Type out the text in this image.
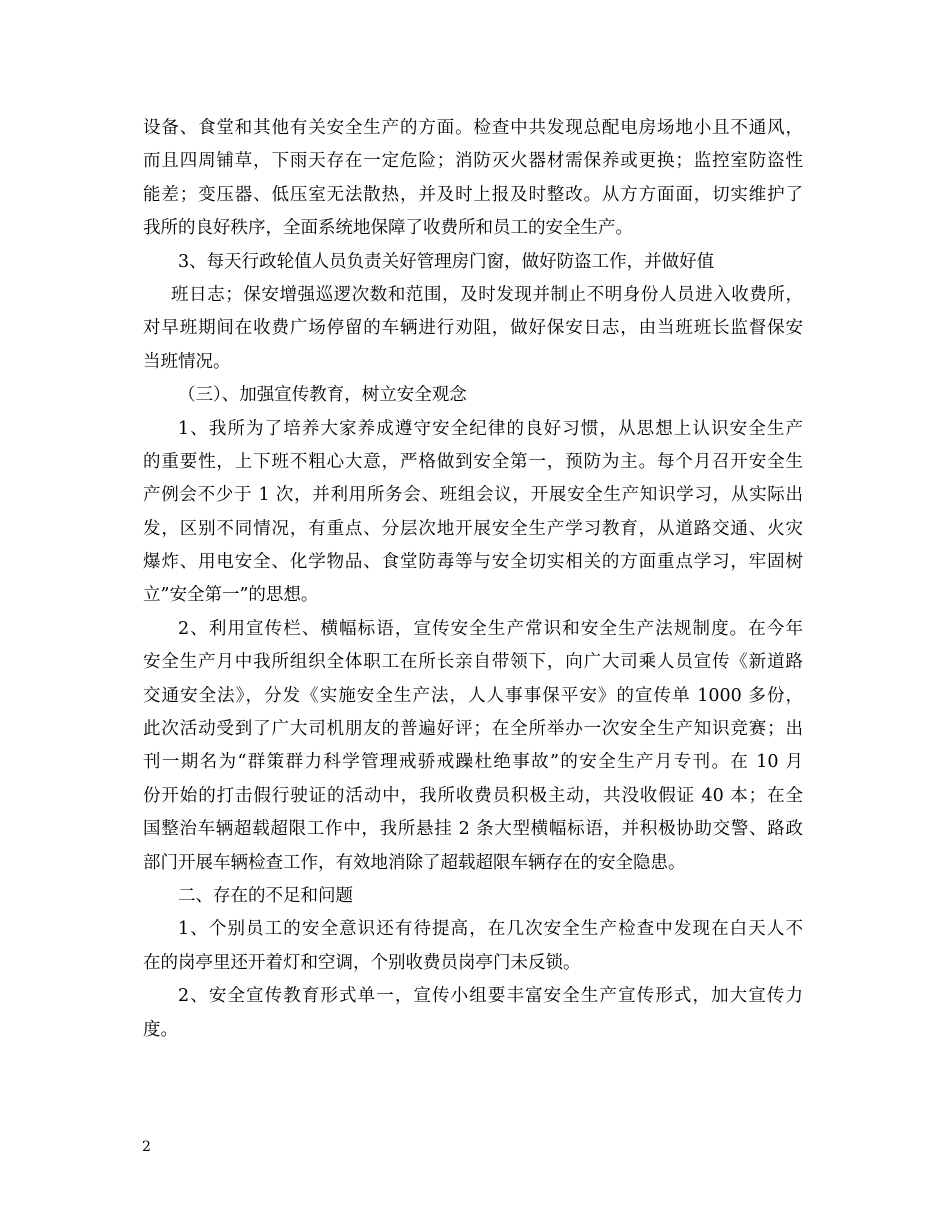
设备、食堂和其他有关安全生产的方面。检查中共发现总配电房场地小且不通风，
而且四周铺草，下雨天存在一定危险；消防灭火器材需保养或更换；监控室防盗性
能差；变压器、低压室无法散热，并及时上报及时整改。从方方面面，切实维护了
我所的良好秩序，全面系统地保障了收费所和员工的安全生产。
3、每天行政轮值人员负责关好管理房门窗，做好防盗工作，并做好值
班日志；保安增强巡逻次数和范围，及时发现并制止不明身份人员进入收费所，
对早班期间在收费广场停留的车辆进行劝阻，做好保安日志，由当班班长监督保安
当班情况。
（三）、加强宣传教育，树立安全观念
1、我所为了培养大家养成遵守安全纪律的良好习惯，从思想上认识安全生产
的重要性，上下班不粗心大意，严格做到安全第一，预防为主。每个月召开安全生
产例会不少于 1 次，并利用所务会、班组会议，开展安全生产知识学习，从实际出
发，区别不同情况，有重点、分层次地开展安全生产学习教育，从道路交通、火灾
爆炸、用电安全、化学物品、食堂防毒等与安全切实相关的方面重点学习，牢固树
立”安全第一”的思想。
2、利用宣传栏、横幅标语，宣传安全生产常识和安全生产法规制度。在今年
安全生产月中我所组织全体职工在所长亲自带领下，向广大司乘人员宣传《新道路
交通安全法》，分发《实施安全生产法，人人事事保平安》的宣传单 1000 多份，
此次活动受到了广大司机朋友的普遍好评；在全所举办一次安全生产知识竞赛；出
刊一期名为“群策群力科学管理戒骄戒躁杜绝事故”的安全生产月专刊。在 10 月
份开始的打击假行驶证的活动中，我所收费员积极主动，共没收假证 40 本；在全
国整治车辆超载超限工作中，我所悬挂 2 条大型横幅标语，并积极协助交警、路政
部门开展车辆检查工作，有效地消除了超载超限车辆存在的安全隐患。
二、存在的不足和问题
1、个别员工的安全意识还有待提高，在几次安全生产检查中发现在白天人不
在的岗亭里还开着灯和空调，个别收费员岗亭门未反锁。
2、安全宣传教育形式单一，宣传小组要丰富安全生产宣传形式，加大宣传力
度。
2
